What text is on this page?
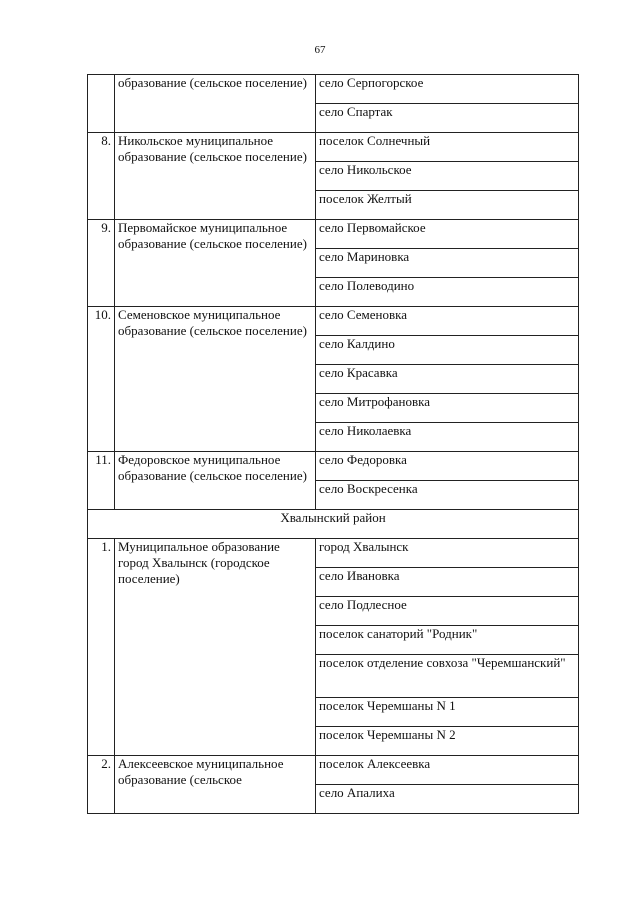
67
	образование (сельское поселение)	село Серпогорское
		село Спартак
8.	Никольское муниципальное образование (сельское поселение)	поселок Солнечный
		село Никольское
		поселок Желтый
9.	Первомайское муниципальное образование (сельское поселение)	село Первомайское
		село Мариновка
		село Полеводино
10.	Семеновское муниципальное образование (сельское поселение)	село Семеновка
		село Калдино
		село Красавка
		село Митрофановка
		село Николаевка
11.	Федоровское муниципальное образование (сельское поселение)	село Федоровка
		село Воскресенка
Хвалынский район		
1.	Муниципальное образование город Хвалынск (городское поселение)	город Хвалынск
		село Ивановка
		село Подлесное
		поселок санаторий "Родник"
		поселок отделение совхоза "Черемшанский"
		поселок Черемшаны N 1
		поселок Черемшаны N 2
2.	Алексеевское муниципальное образование (сельское	поселок Алексеевка
		село Апалиха
